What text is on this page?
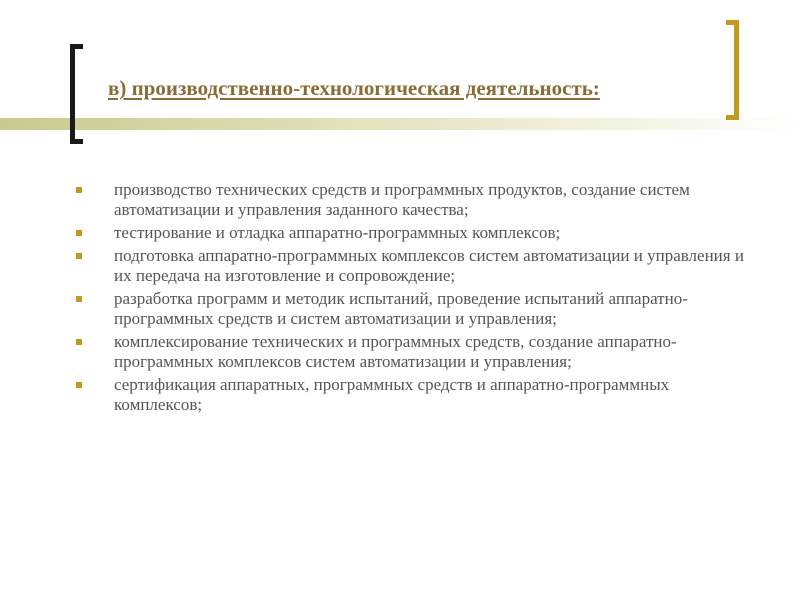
в) производственно-технологическая деятельность:
производство технических средств и программных продуктов, создание систем автоматизации и управления заданного качества;
тестирование и отладка аппаратно-программных комплексов;
подготовка аппаратно-программных комплексов систем автоматизации и управления и их передача на изготовление и сопровождение;
разработка программ и методик испытаний, проведение испытаний аппаратно-программных средств и систем автоматизации и управления;
комплексирование технических и программных средств, создание аппаратно-программных комплексов систем автоматизации и управления;
сертификация аппаратных, программных средств и аппаратно-программных комплексов;
